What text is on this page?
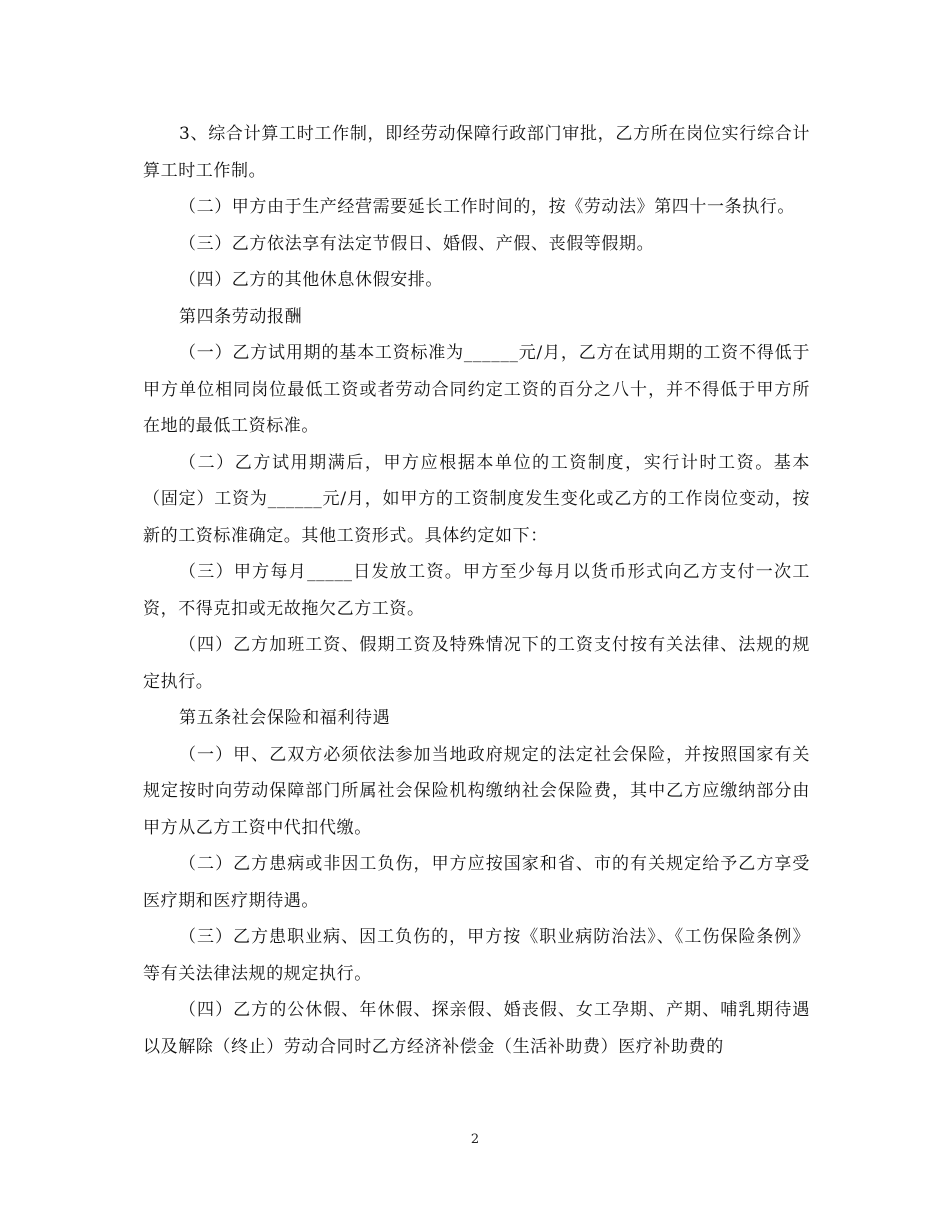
3、综合计算工时工作制，即经劳动保障行政部门审批，乙方所在岗位实行综合计算工时工作制。

（二）甲方由于生产经营需要延长工作时间的，按《劳动法》第四十一条执行。

（三）乙方依法享有法定节假日、婚假、产假、丧假等假期。

（四）乙方的其他休息休假安排。

第四条劳动报酬

（一）乙方试用期的基本工资标准为______元/月，乙方在试用期的工资不得低于甲方单位相同岗位最低工资或者劳动合同约定工资的百分之八十，并不得低于甲方所在地的最低工资标准。

（二）乙方试用期满后，甲方应根据本单位的工资制度，实行计时工资。基本（固定）工资为______元/月，如甲方的工资制度发生变化或乙方的工作岗位变动，按新的工资标准确定。其他工资形式。具体约定如下：

（三）甲方每月_____日发放工资。甲方至少每月以货币形式向乙方支付一次工资，不得克扣或无故拖欠乙方工资。

（四）乙方加班工资、假期工资及特殊情况下的工资支付按有关法律、法规的规定执行。

第五条社会保险和福利待遇

（一）甲、乙双方必须依法参加当地政府规定的法定社会保险，并按照国家有关规定按时向劳动保障部门所属社会保险机构缴纳社会保险费，其中乙方应缴纳部分由甲方从乙方工资中代扣代缴。

（二）乙方患病或非因工负伤，甲方应按国家和省、市的有关规定给予乙方享受医疗期和医疗期待遇。

（三）乙方患职业病、因工负伤的，甲方按《职业病防治法》、《工伤保险条例》等有关法律法规的规定执行。

（四）乙方的公休假、年休假、探亲假、婚丧假、女工孕期、产期、哺乳期待遇以及解除（终止）劳动合同时乙方经济补偿金（生活补助费）医疗补助费的

2
